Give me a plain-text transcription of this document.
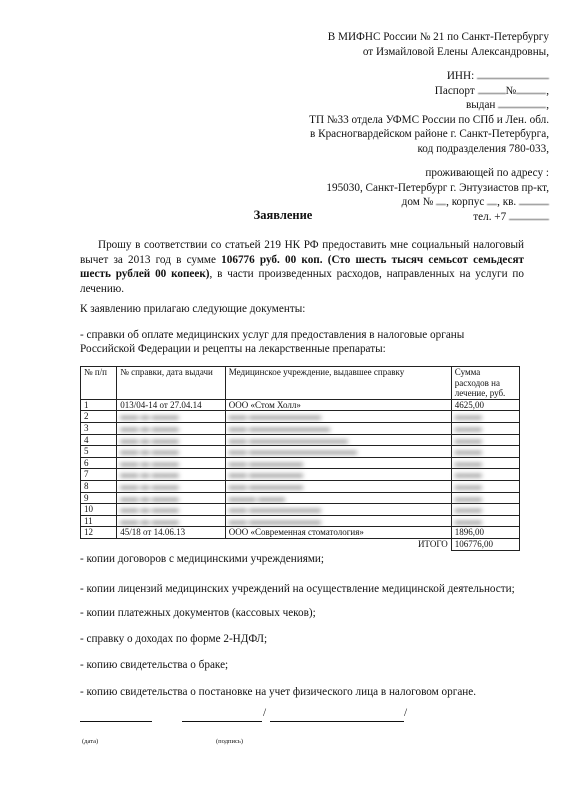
В МИФНС России № 21 по Санкт-Петербургу
от Измайловой Елены Александровны,
ИНН:
Паспорт	№	,
выдан	,
ТП №33 отдела УФМС России по СПб и Лен. обл.
в Красногвардейском районе г. Санкт-Петербурга,
код подразделения 780-033,
проживающей по адресу :
195030, Санкт-Петербург г. Энтузиастов пр-кт,
дом № , корпус , кв.
тел. +7
Заявление
Прошу в соответствии со статьей 219 НК РФ предоставить мне социальный налоговый вычет за 2013 год в сумме 106776 руб. 00 коп. (Сто шесть тысяч семьсот семьдесят шесть рублей 00 копеек), в части произведенных расходов, направленных на услуги по лечению.
К заявлению прилагаю следующие документы:
- справки об оплате медицинских услуг для предоставления в налоговые органы
Российской Федерации и рецепты на лекарственные препараты:
№ п/п	№ справки, дата выдачи	Медицинское учреждение, выдавшее справку	Сумма расходов на лечение, руб.
1	013/04-14 от 27.04.14	ООО «Стом Холл»	4625,00
2	▬▬ ▬ ▬▬▬	▬▬ ▬▬▬▬▬▬▬▬	▬▬▬
3	▬▬ ▬ ▬▬▬	▬▬ ▬▬▬▬▬▬▬▬▬	▬▬▬
4	▬▬ ▬ ▬▬▬	▬▬ ▬▬▬▬▬▬▬▬▬▬▬	▬▬▬
5	▬▬ ▬ ▬▬▬	▬▬ ▬▬▬▬▬▬▬▬▬▬▬▬	▬▬▬
6	▬▬ ▬ ▬▬▬	▬▬ ▬▬▬▬▬▬	▬▬▬
7	▬▬ ▬ ▬▬▬	▬▬ ▬▬▬▬▬▬	▬▬▬
8	▬▬ ▬ ▬▬▬	▬▬ ▬▬▬▬▬▬	▬▬▬
9	▬▬ ▬ ▬▬▬	▬▬▬ ▬▬▬	▬▬▬
10	▬▬ ▬ ▬▬▬	▬▬ ▬▬▬▬▬▬▬▬	▬▬▬
11	▬▬ ▬ ▬▬▬	▬▬ ▬▬▬▬▬▬▬▬	▬▬▬
12	45/18 от 14.06.13	ООО «Современная стоматология»	1896,00
		ИТОГО	106776,00
- копии договоров с медицинскими учреждениями;
- копии лицензий медицинских учреждений на осуществление медицинской деятельности;
- копии платежных документов (кассовых чеков);
- справку о доходах по форме 2-НДФЛ;
- копию свидетельства о браке;
- копию свидетельства о постановке на учет физического лица в налоговом органе.
/	/
(дата)	(подпись)
